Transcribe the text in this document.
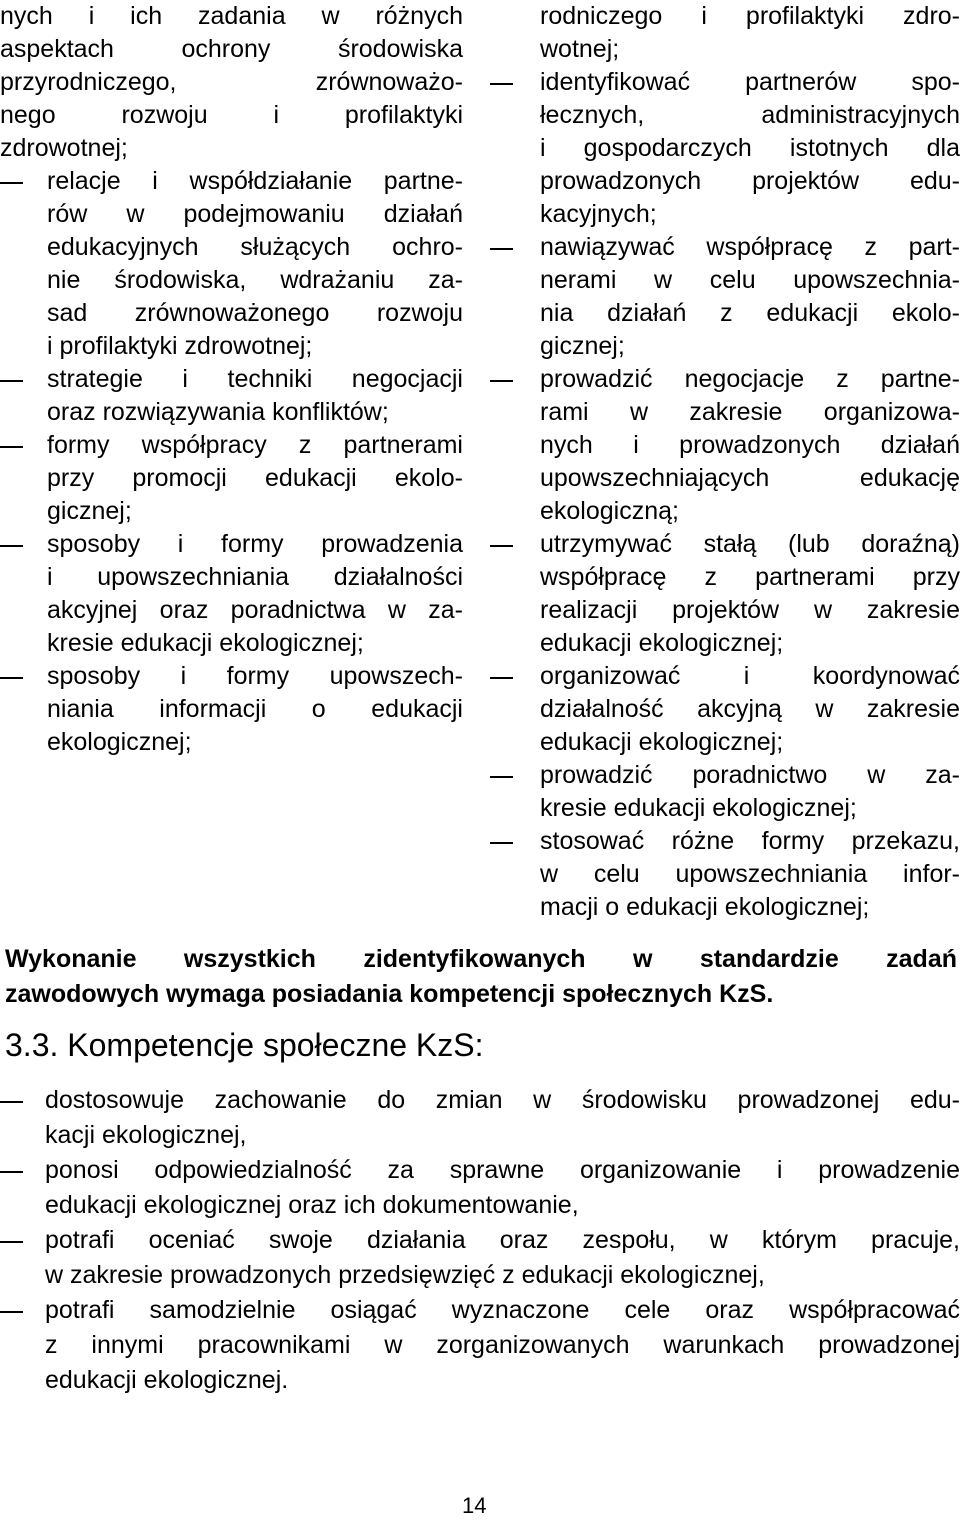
nych i ich zadania w różnych
aspektach ochrony środowiska
przyrodniczego, zrównoważo-
nego rozwoju i profilaktyki
zdrowotnej;
relacje i współdziałanie partne-
rów w podejmowaniu działań
edukacyjnych służących ochro-
nie środowiska, wdrażaniu za-
sad zrównoważonego rozwoju
i profilaktyki zdrowotnej;
strategie i techniki negocjacji
oraz rozwiązywania konfliktów;
formy współpracy z partnerami
przy promocji edukacji ekolo-
gicznej;
sposoby i formy prowadzenia
i upowszechniania działalności
akcyjnej oraz poradnictwa w za-
kresie edukacji ekologicznej;
sposoby i formy upowszech-
niania informacji o edukacji
ekologicznej;
rodniczego i profilaktyki zdro-
wotnej;
identyfikować partnerów spo-
łecznych, administracyjnych
i gospodarczych istotnych dla
prowadzonych projektów edu-
kacyjnych;
nawiązywać współpracę z part-
nerami w celu upowszechnia-
nia działań z edukacji ekolo-
gicznej;
prowadzić negocjacje z partne-
rami w zakresie organizowa-
nych i prowadzonych działań
upowszechniających edukację
ekologiczną;
utrzymywać stałą (lub doraźną)
współpracę z partnerami przy
realizacji projektów w zakresie
edukacji ekologicznej;
organizować i koordynować
działalność akcyjną w zakresie
edukacji ekologicznej;
prowadzić poradnictwo w za-
kresie edukacji ekologicznej;
stosować różne formy przekazu,
w celu upowszechniania infor-
macji o edukacji ekologicznej;
Wykonanie wszystkich zidentyfikowanych w standardzie zadań
zawodowych wymaga posiadania kompetencji społecznych KzS.
3.3. Kompetencje społeczne KzS:
dostosowuje zachowanie do zmian w środowisku prowadzonej edu-
kacji ekologicznej,
ponosi odpowiedzialność za sprawne organizowanie i prowadzenie
edukacji ekologicznej oraz ich dokumentowanie,
potrafi oceniać swoje działania oraz zespołu, w którym pracuje,
w zakresie prowadzonych przedsięwzięć z edukacji ekologicznej,
potrafi samodzielnie osiągać wyznaczone cele oraz współpracować
z innymi pracownikami w zorganizowanych warunkach prowadzonej
edukacji ekologicznej.
14
